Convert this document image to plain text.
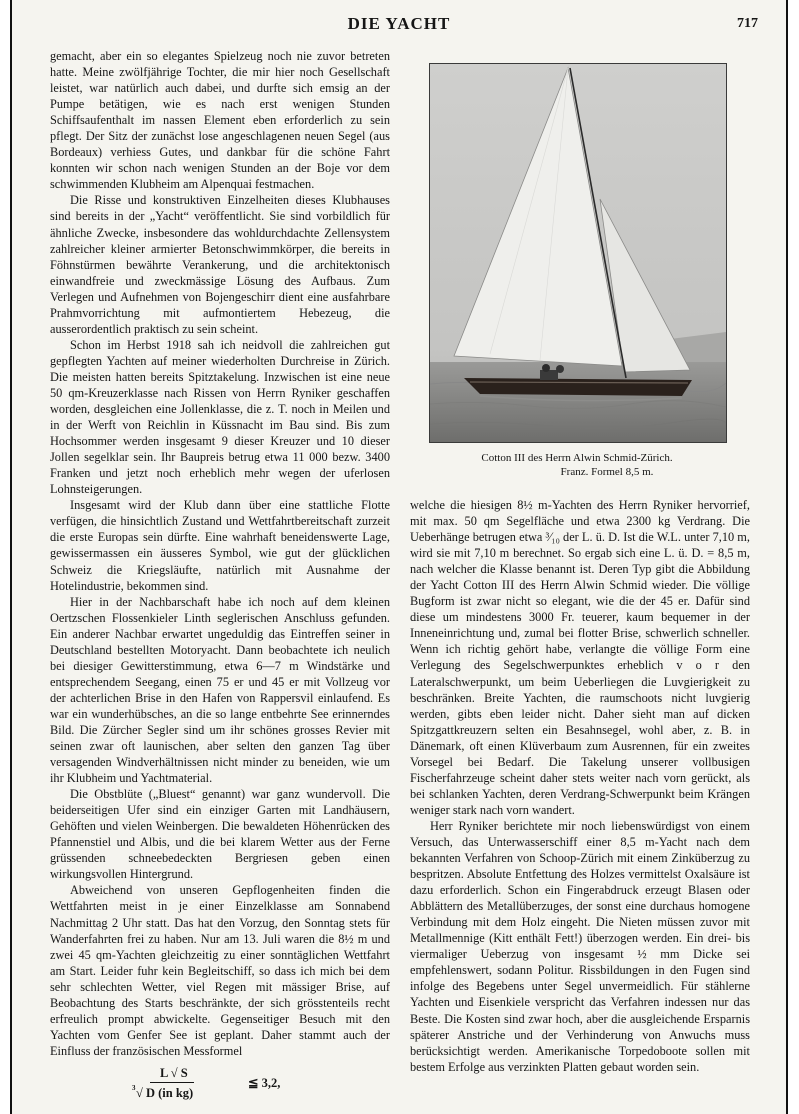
DIE YACHT	717

gemacht, aber ein so elegantes Spielzeug noch nie zuvor betreten hatte. Meine zwölfjährige Tochter, die mir hier noch Gesellschaft leistet, war natürlich auch dabei, und durfte sich emsig an der Pumpe betätigen, wie es nach erst wenigen Stunden Schiffsaufenthalt im nassen Element eben erforderlich zu sein pflegt. Der Sitz der zunächst lose angeschlagenen neuen Segel (aus Bordeaux) verhiess Gutes, und dankbar für die schöne Fahrt konnten wir schon nach wenigen Stunden an der Boje vor dem schwimmenden Klubheim am Alpenquai festmachen.

Die Risse und konstruktiven Einzelheiten dieses Klubhauses sind bereits in der „Yacht“ veröffentlicht. Sie sind vorbildlich für ähnliche Zwecke, insbesondere das wohldurchdachte Zellensystem zahlreicher kleiner armierter Betonschwimmkörper, die bereits in Föhnstürmen bewährte Verankerung, und die architektonisch einwandfreie und zweckmässige Lösung des Aufbaus. Zum Verlegen und Aufnehmen von Bojengeschirr dient eine ausfahrbare Prahmvorrichtung mit aufmontiertem Hebezeug, die ausserordentlich praktisch zu sein scheint.

Schon im Herbst 1918 sah ich neidvoll die zahlreichen gut gepflegten Yachten auf meiner wiederholten Durchreise in Zürich. Die meisten hatten bereits Spitztakelung. Inzwischen ist eine neue 50 qm-Kreuzerklasse nach Rissen von Herrn Ryniker geschaffen worden, desgleichen eine Jollenklasse, die z. T. noch in Meilen und in der Werft von Reichlin in Küssnacht im Bau sind. Bis zum Hochsommer werden insgesamt 9 dieser Kreuzer und 10 dieser Jollen segelklar sein. Ihr Baupreis betrug etwa 11 000 bezw. 3400 Franken und jetzt noch erheblich mehr wegen der uferlosen Lohnsteigerungen.

Insgesamt wird der Klub dann über eine stattliche Flotte verfügen, die hinsichtlich Zustand und Wettfahrtbereitschaft zurzeit die erste Europas sein dürfte. Eine wahrhaft beneidenswerte Lage, gewissermassen ein äusseres Symbol, wie gut der glücklichen Schweiz die Kriegsläufte, natürlich mit Ausnahme der Hotelindustrie, bekommen sind.

Hier in der Nachbarschaft habe ich noch auf dem kleinen Oertzschen Flossenkieler Linth seglerischen Anschluss gefunden. Ein anderer Nachbar erwartet ungeduldig das Eintreffen seiner in Deutschland bestellten Motoryacht. Dann beobachtete ich neulich bei diesiger Gewitterstimmung, etwa 6—7 m Windstärke und entsprechendem Seegang, einen 75 er und 45 er mit Vollzeug vor der achterlichen Brise in den Hafen von Rappersvil einlaufend. Es war ein wunderhübsches, an die so lange entbehrte See erinnerndes Bild. Die Zürcher Segler sind um ihr schönes grosses Revier mit seinen zwar oft launischen, aber selten den ganzen Tag über versagenden Windverhältnissen nicht minder zu beneiden, wie um ihr Klubheim und Yachtmaterial.

Die Obstblüte („Bluest“ genannt) war ganz wundervoll. Die beiderseitigen Ufer sind ein einziger Garten mit Landhäusern, Gehöften und vielen Weinbergen. Die bewaldeten Höhenrücken des Pfannenstiel und Albis, und die bei klarem Wetter aus der Ferne grüssenden schneebedeckten Bergriesen geben einen wirkungsvollen Hintergrund.

Abweichend von unseren Gepflogenheiten finden die Wettfahrten meist in je einer Einzelklasse am Sonnabend Nachmittag 2 Uhr statt. Das hat den Vorzug, den Sonntag stets für Wanderfahrten frei zu haben. Nur am 13. Juli waren die 8½ m und zwei 45 qm-Yachten gleichzeitig zu einer sonntäglichen Wettfahrt am Start. Leider fuhr kein Begleitschiff, so dass ich mich bei dem sehr schlechten Wetter, viel Regen mit mässiger Brise, auf Beobachtung des Starts beschränkte, der sich grösstenteils recht erfreulich prompt abwickelte. Gegenseitiger Besuch mit den Yachten vom Genfer See ist geplant. Daher stammt auch der Einfluss der französischen Messformel

L √ S
3 √ D (in kg)
≦ 3,2,
Cotton III des Herrn Alwin Schmid-Zürich.
Franz. Formel 8,5 m.

welche die hiesigen 8½ m-Yachten des Herrn Ryniker hervorrief, mit max. 50 qm Segelfläche und etwa 2300 kg Verdrang. Die Ueberhänge betrugen etwa ³⁄₁₀ der L. ü. D. Ist die W.L. unter 7,10 m, wird sie mit 7,10 m berechnet. So ergab sich eine L. ü. D. = 8,5 m, nach welcher die Klasse benannt ist. Deren Typ gibt die Abbildung der Yacht Cotton III des Herrn Alwin Schmid wieder. Die völlige Bugform ist zwar nicht so elegant, wie die der 45 er. Dafür sind diese um mindestens 3000 Fr. teuerer, kaum bequemer in der Inneneinrichtung und, zumal bei flotter Brise, schwerlich schneller. Wenn ich richtig gehört habe, verlangte die völlige Form eine Verlegung des Segelschwerpunktes erheblich v o r den Lateralschwerpunkt, um beim Ueberliegen die Luvgierigkeit zu beschränken. Breite Yachten, die raumschoots nicht luvgierig werden, gibts eben leider nicht. Daher sieht man auf dicken Spitzgattkreuzern selten ein Besahnsegel, wohl aber, z. B. in Dänemark, oft einen Klüverbaum zum Ausrennen, für ein zweites Vorsegel bei Bedarf. Die Takelung unserer vollbusigen Fischerfahrzeuge scheint daher stets weiter nach vorn gerückt, als bei schlanken Yachten, deren Verdrang-Schwerpunkt beim Krängen weniger stark nach vorn wandert.

Herr Ryniker berichtete mir noch liebenswürdigst von einem Versuch, das Unterwasserschiff einer 8,5 m-Yacht nach dem bekannten Verfahren von Schoop-Zürich mit einem Zinküberzug zu bespritzen. Absolute Entfettung des Holzes vermittelst Oxalsäure ist dazu erforderlich. Schon ein Fingerabdruck erzeugt Blasen oder Abblättern des Metallüberzuges, der sonst eine durchaus homogene Verbindung mit dem Holz eingeht. Die Nieten müssen zuvor mit Metallmennige (Kitt enthält Fett!) überzogen werden. Ein drei- bis viermaliger Ueberzug von insgesamt ½ mm Dicke sei empfehlenswert, sodann Politur. Rissbildungen in den Fugen sind infolge des Begebens unter Segel unvermeidlich. Für stählerne Yachten und Eisenkiele verspricht das Verfahren indessen nur das Beste. Die Kosten sind zwar hoch, aber die ausgleichende Ersparnis späterer Anstriche und der Verhinderung von Anwuchs muss berücksichtigt werden. Amerikanische Torpedoboote sollen mit bestem Erfolge aus verzinkten Platten gebaut worden sein.
